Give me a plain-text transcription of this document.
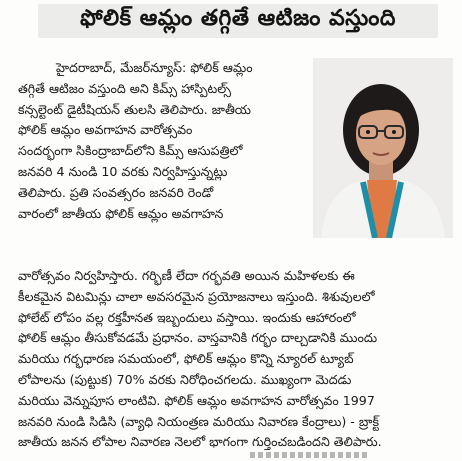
ఫోలిక్ ఆమ్లం తగ్గితే ఆటిజం వస్తుంది
హైదరాబాద్, మేజర్‌న్యూస్: ఫోలిక్ ఆమ్లం
తగ్గితే ఆటిజం వస్తుంది అని కిమ్స్ హాస్పిటల్స్
కన్సల్టెంట్ డైటీషియన్ తులసి తెలిపారు. జాతీయ
ఫోలిక్ ఆమ్లం అవగాహన వారోత్సవం
సందర్భంగా సికింద్రాబాద్‌లోని కిమ్స్ ఆసుపత్రిలో
జనవరి 4 నుండి 10 వరకు నిర్వహిస్తున్నట్లు
తెలిపారు. ప్రతి సంవత్సరం జనవరి రెండో
వారంలో జాతీయ ఫోలిక్ ఆమ్లం అవగాహన
వారోత్సవం నిర్వహిస్తారు. గర్భిణీ లేదా గర్భవతి అయిన మహిళలకు ఈ
కీలకమైన విటమిన్లు చాలా అవసరమైన ప్రయోజనాలు ఇస్తుంది. శిశువులలో
ఫోలేట్ లోపం వల్ల రక్తహీనత ఇబ్బందులు వస్తాయి. ఇందుకు ఆహారంలో
ఫోలిక్ ఆమ్లం తీసుకోవడమే ప్రధానం. వాస్తవానికి గర్భం దాల్చడానికి ముందు
మరియు గర్భధారణ సమయంలో, ఫోలిక్ ఆమ్లం కొన్ని న్యూరల్ ట్యూబ్
లోపాలను (పుట్టుక) 70% వరకు నిరోధించగలదు. ముఖ్యంగా మెదడు
మరియు వెన్నుపూస లాంటివి. ఫోలిక్ ఆమ్లం అవగాహన వారోత్సవం 1997
జనవరి నుండి సిడిసి (వ్యాధి నియంత్రణ మరియు నివారణ కేంద్రాలు) - బ్రాక్ట్
జాతీయ జనన లోపాల నివారణ నెలలో భాగంగా గుర్తించబడిందని తెలిపారు.
